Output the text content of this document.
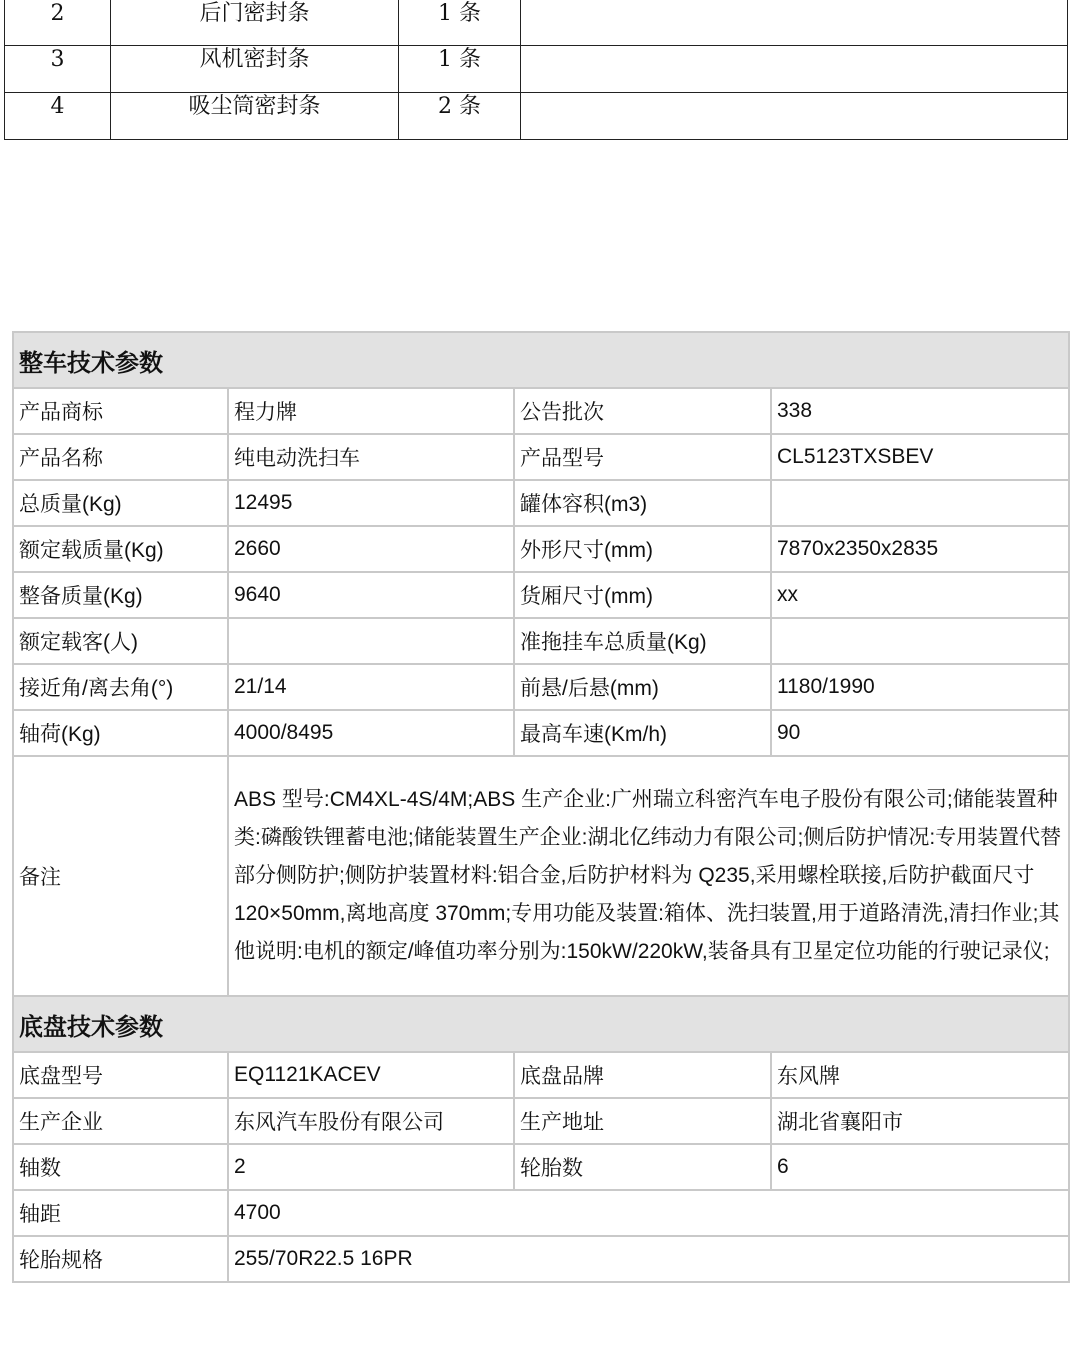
2	后门密封条	1 条	
3	风机密封条	1 条	
4	吸尘筒密封条	2 条	
整车技术参数			
产品商标	程力牌	公告批次	338
产品名称	纯电动洗扫车	产品型号	CL5123TXSBEV
总质量(Kg)	12495	罐体容积(m3)	
额定载质量(Kg)	2660	外形尺寸(mm)	7870x2350x2835
整备质量(Kg)	9640	货厢尺寸(mm)	xx
额定载客(人)		准拖挂车总质量(Kg)	
接近角/离去角(°)	21/14	前悬/后悬(mm)	1180/1990
轴荷(Kg)	4000/8495	最高车速(Km/h)	90
备注	ABS 型号:CM4XL-4S/4M;ABS 生产企业:广州瑞立科密汽车电子股份有限公司;储能装置种类:磷酸铁锂蓄电池;储能装置生产企业:湖北亿纬动力有限公司;侧后防护情况:专用装置代替部分侧防护;侧防护装置材料:铝合金,后防护材料为 Q235,采用螺栓联接,后防护截面尺寸 120×50mm,离地高度 370mm;专用功能及装置:箱体、洗扫装置,用于道路清洗,清扫作业;其他说明:电机的额定/峰值功率分别为:150kW/220kW,装备具有卫星定位功能的行驶记录仪;		
底盘技术参数			
底盘型号	EQ1121KACEV	底盘品牌	东风牌
生产企业	东风汽车股份有限公司	生产地址	湖北省襄阳市
轴数	2	轮胎数	6
轴距	4700		
轮胎规格	255/70R22.5 16PR		
